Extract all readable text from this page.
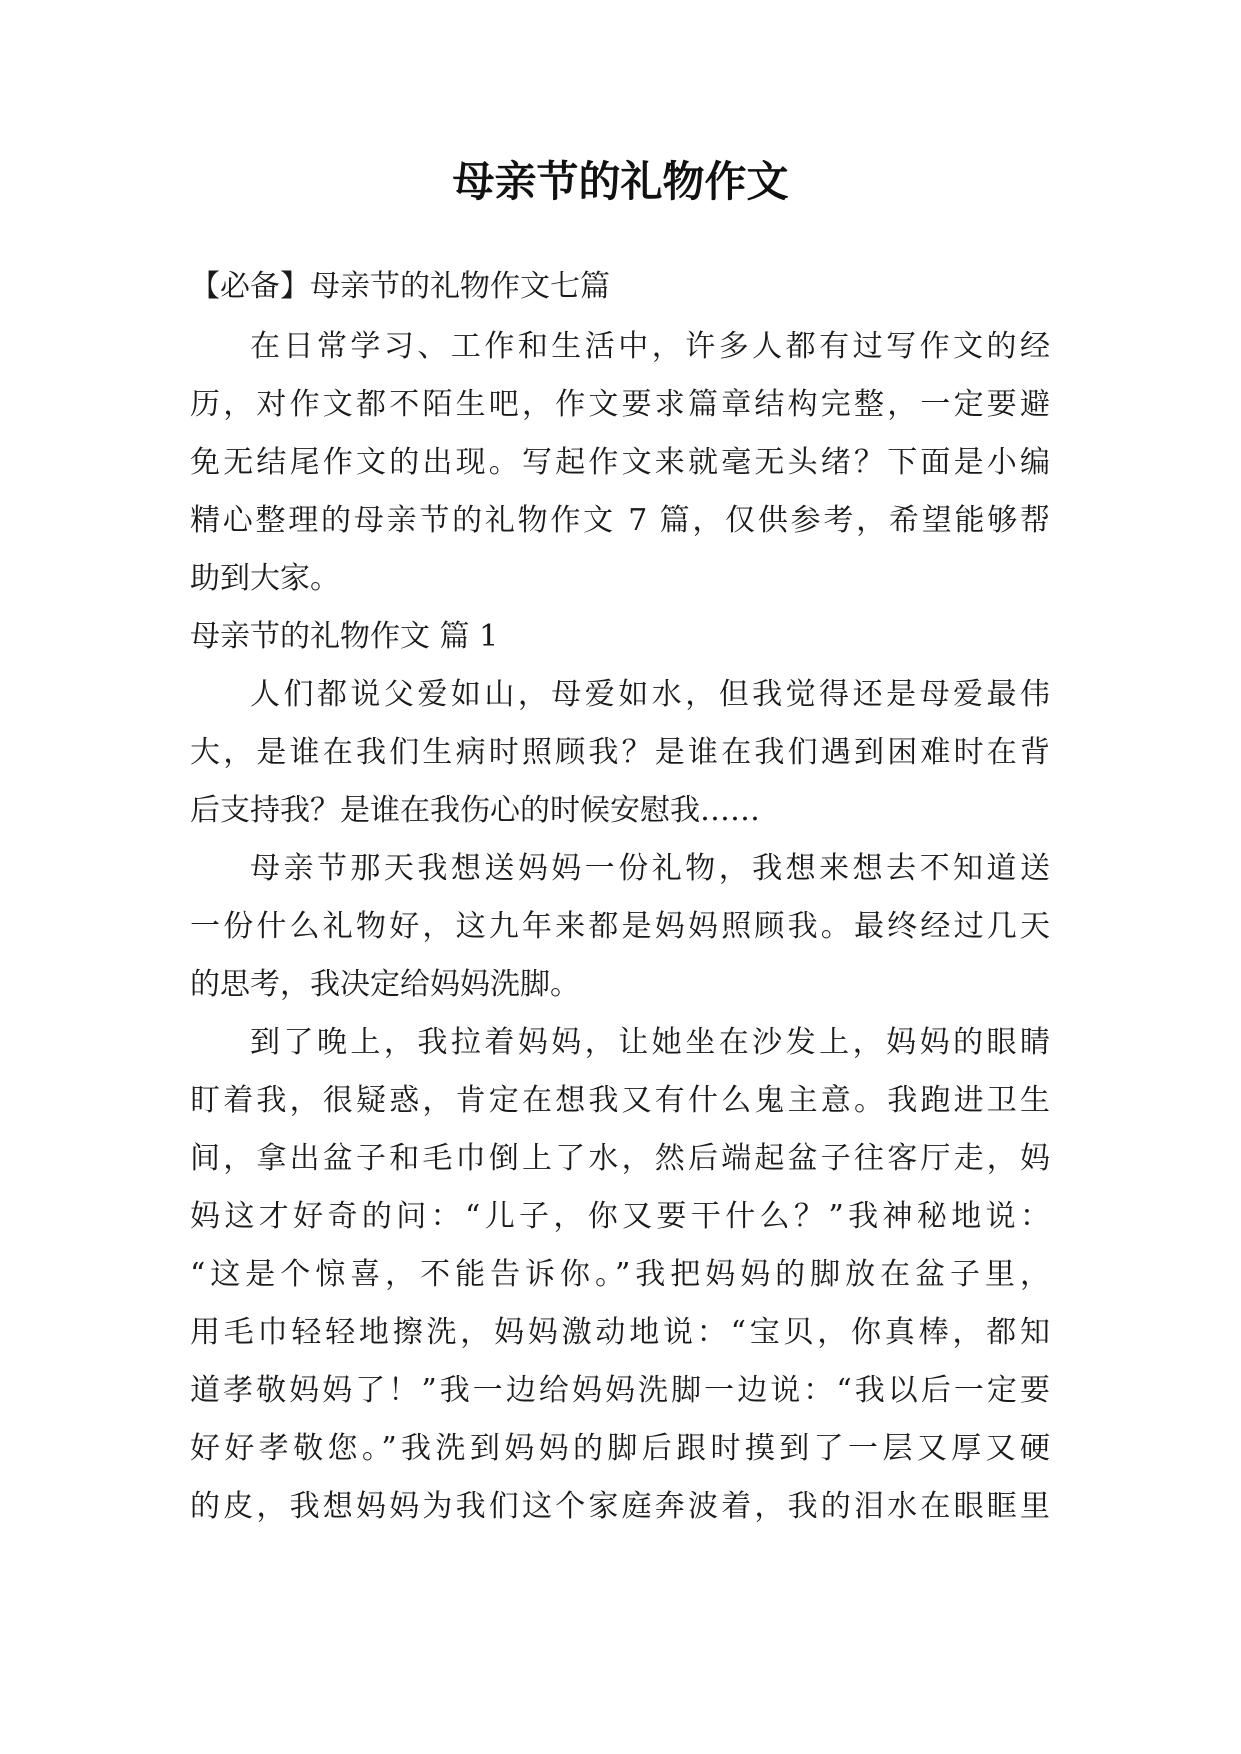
母亲节的礼物作文

【必备】母亲节的礼物作文七篇

在日常学习、工作和生活中，许多人都有过写作文的经

历，对作文都不陌生吧，作文要求篇章结构完整，一定要避

免无结尾作文的出现。写起作文来就毫无头绪？下面是小编

精心整理的母亲节的礼物作文 7 篇，仅供参考，希望能够帮

助到大家。

母亲节的礼物作文 篇 1

人们都说父爱如山，母爱如水，但我觉得还是母爱最伟

大，是谁在我们生病时照顾我？是谁在我们遇到困难时在背

后支持我？是谁在我伤心的时候安慰我……

母亲节那天我想送妈妈一份礼物，我想来想去不知道送

一份什么礼物好，这九年来都是妈妈照顾我。最终经过几天

的思考，我决定给妈妈洗脚。

到了晚上，我拉着妈妈，让她坐在沙发上，妈妈的眼睛

盯着我，很疑惑，肯定在想我又有什么鬼主意。我跑进卫生

间，拿出盆子和毛巾倒上了水，然后端起盆子往客厅走，妈

妈这才好奇的问：“儿子，你又要干什么？”我神秘地说：

“这是个惊喜，不能告诉你。”我把妈妈的脚放在盆子里，

用毛巾轻轻地擦洗，妈妈激动地说：“宝贝，你真棒，都知

道孝敬妈妈了！”我一边给妈妈洗脚一边说：“我以后一定要

好好孝敬您。”我洗到妈妈的脚后跟时摸到了一层又厚又硬

的皮，我想妈妈为我们这个家庭奔波着，我的泪水在眼眶里
